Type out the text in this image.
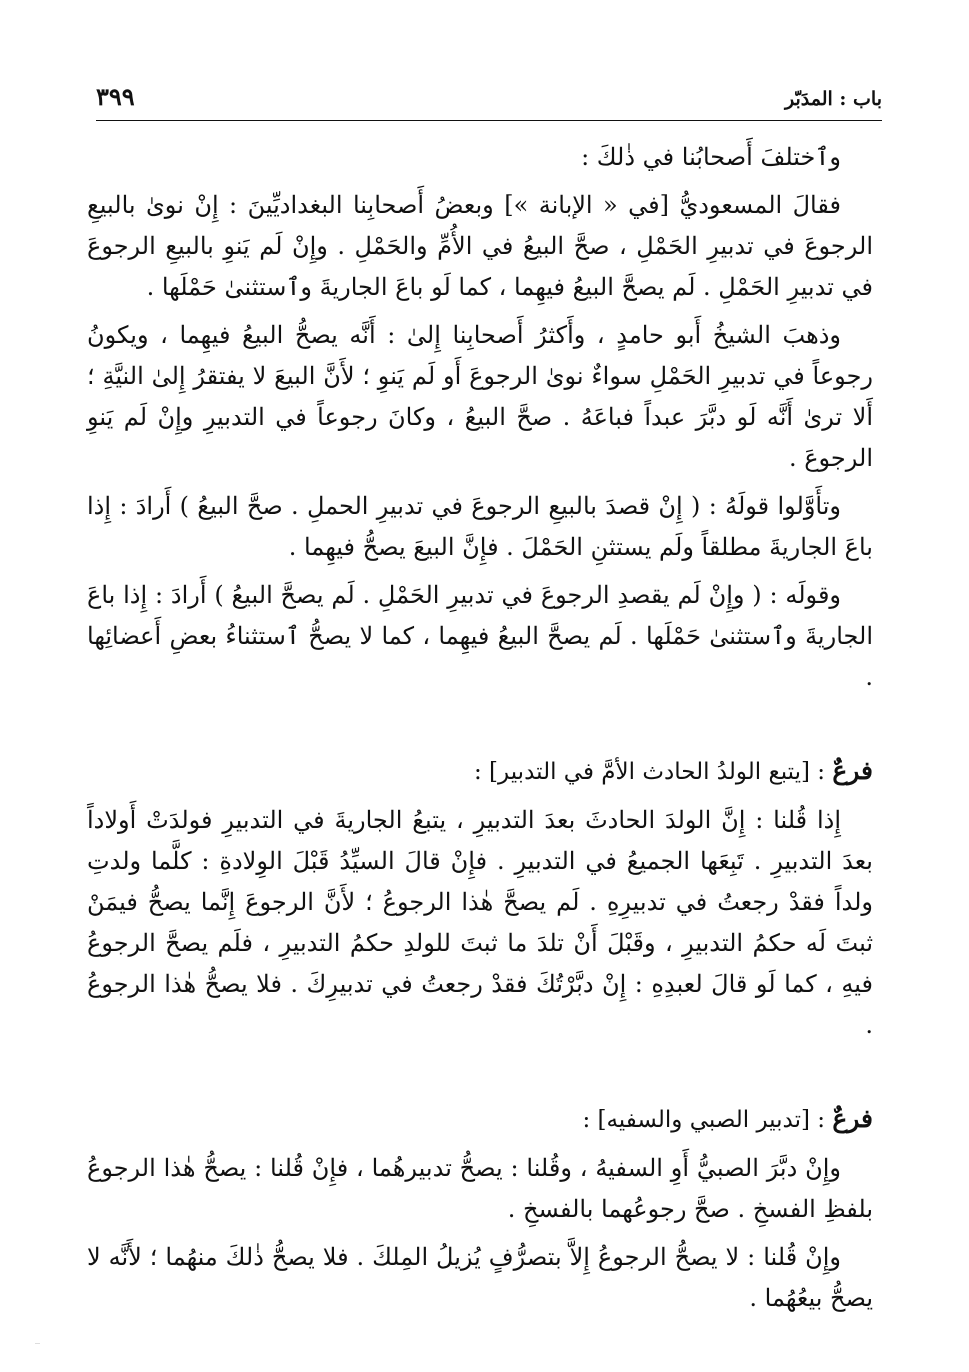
باب : المدَبّر
٣٩٩

وٱختلفَ أَصحابُنا في ذٰلكَ :

فقالَ المسعوديُّ [في « الإبانة »] وبعضُ أَصحابِنا البغداديِّينَ : إِنْ نوىٰ بالبيعِ الرجوعَ في تدبيرِ الحَمْلِ ، صحَّ البيعُ في الأُمِّ والحَمْلِ . وإِنْ لَم يَنوِ بالبيعِ الرجوعَ في تدبيرِ الحَمْلِ . لَم يصحَّ البيعُ فيهِما ، كما لَو باعَ الجاريةَ وٱستثنىٰ حَمْلَها .

وذهبَ الشيخُ أَبو حامدٍ ، وأَكثرُ أَصحابِنا إِلىٰ : أَنَّه يصحُّ البيعُ فيهِما ، ويكونُ رجوعاً في تدبيرِ الحَمْلِ سواءٌ نوىٰ الرجوعَ أَو لَم يَنوِ ؛ لأَنَّ البيعَ لا يفتقرُ إِلىٰ النيَّةِ ؛ أَلا ترىٰ أَنَّه لَو دبَّرَ عبداً فباعَهُ . صحَّ البيعُ ، وكانَ رجوعاً في التدبيرِ وإِنْ لَم يَنوِ الرجوعَ .

وتأَوَّلوا قولَهُ : ( إِنْ قصدَ بالبيعِ الرجوعَ في تدبيرِ الحملِ . صحَّ البيعُ ) أَرادَ : إِذا باعَ الجاريةَ مطلقاً ولَم يستثنِ الحَمْلَ . فإِنَّ البيعَ يصحُّ فيهِما .

وقولَه : ( وإِنْ لَم يقصدِ الرجوعَ في تدبيرِ الحَمْلِ . لَم يصحَّ البيعُ ) أَرادَ : إِذا باعَ الجاريةَ وٱستثنىٰ حَمْلَها . لَم يصحَّ البيعُ فيهِما ، كما لا يصحُّ ٱستثناءُ بعضِ أَعضائِها .

فرعٌ : [يتبع الولدُ الحادث الأمَّ في التدبير] :

إِذا قُلنا : إِنَّ الولدَ الحادثَ بعدَ التدبيرِ ، يتبعُ الجاريةَ في التدبيرِ فولدَتْ أَولاداً بعدَ التدبيرِ . تَبِعَها الجميعُ في التدبيرِ . فإِنْ قالَ السيِّدُ قَبْلَ الوِلادةِ : كلَّما ولدتِ ولداً فقدْ رجعتُ في تدبيرِهِ . لَم يصحَّ هٰذا الرجوعُ ؛ لأَنَّ الرجوعَ إِنَّما يصحُّ فيمَنْ ثبتَ لَه حكمُ التدبيرِ ، وقَبْلَ أَنْ تلدَ ما ثبتَ للولدِ حكمُ التدبيرِ ، فلَم يصحَّ الرجوعُ فيهِ ، كما لَو قالَ لعبدِهِ : إِنْ دبَّرْتُكَ فقدْ رجعتُ في تدبيرِكَ . فلا يصحُّ هٰذا الرجوعُ .

فرعٌ : [تدبير الصبي والسفيه] :

وإِنْ دبَّرَ الصبيُّ أَوِ السفيهُ ، وقُلنا : يصحُّ تدبيرهُما ، فإِنْ قُلنا : يصحُّ هٰذا الرجوعُ بلفظِ الفسخِ . صحَّ رجوعُهما بالفسخِ .

وإِنْ قُلنا : لا يصحُّ الرجوعُ إِلاَّ بتصرُّفٍ يُزيلُ المِلكَ . فلا يصحُّ ذٰلكَ منهُما ؛ لأَنَّه لا يصحُّ بيعُهُما .
